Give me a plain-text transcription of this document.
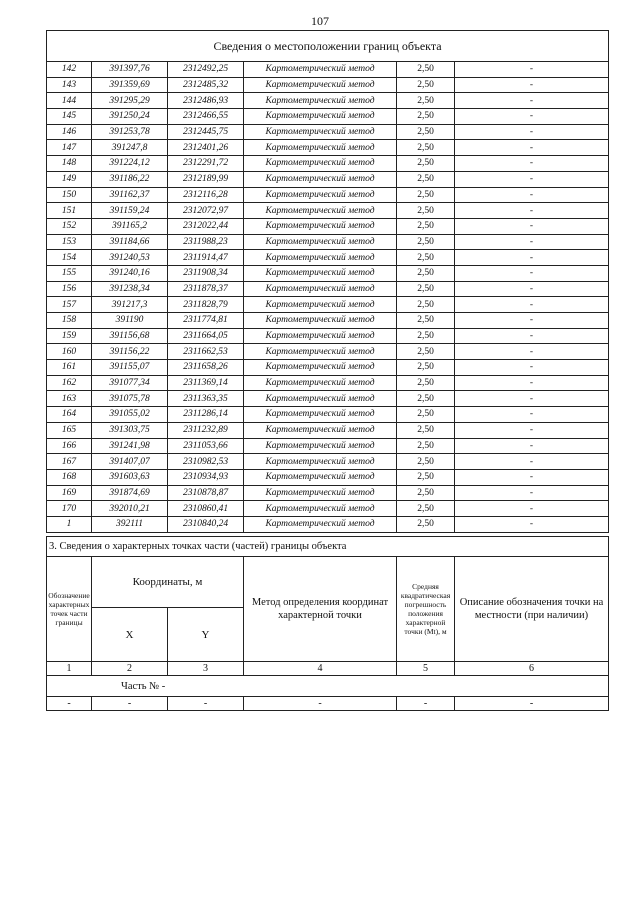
107
Сведения о местоположении границ объекта					
142	391397,76	2312492,25	Картометрический метод	2,50	-
143	391359,69	2312485,32	Картометрический метод	2,50	-
144	391295,29	2312486,93	Картометрический метод	2,50	-
145	391250,24	2312466,55	Картометрический метод	2,50	-
146	391253,78	2312445,75	Картометрический метод	2,50	-
147	391247,8	2312401,26	Картометрический метод	2,50	-
148	391224,12	2312291,72	Картометрический метод	2,50	-
149	391186,22	2312189,99	Картометрический метод	2,50	-
150	391162,37	2312116,28	Картометрический метод	2,50	-
151	391159,24	2312072,97	Картометрический метод	2,50	-
152	391165,2	2312022,44	Картометрический метод	2,50	-
153	391184,66	2311988,23	Картометрический метод	2,50	-
154	391240,53	2311914,47	Картометрический метод	2,50	-
155	391240,16	2311908,34	Картометрический метод	2,50	-
156	391238,34	2311878,37	Картометрический метод	2,50	-
157	391217,3	2311828,79	Картометрический метод	2,50	-
158	391190	2311774,81	Картометрический метод	2,50	-
159	391156,68	2311664,05	Картометрический метод	2,50	-
160	391156,22	2311662,53	Картометрический метод	2,50	-
161	391155,07	2311658,26	Картометрический метод	2,50	-
162	391077,34	2311369,14	Картометрический метод	2,50	-
163	391075,78	2311363,35	Картометрический метод	2,50	-
164	391055,02	2311286,14	Картометрический метод	2,50	-
165	391303,75	2311232,89	Картометрический метод	2,50	-
166	391241,98	2311053,66	Картометрический метод	2,50	-
167	391407,07	2310982,53	Картометрический метод	2,50	-
168	391603,63	2310934,93	Картометрический метод	2,50	-
169	391874,69	2310878,87	Картометрический метод	2,50	-
170	392010,21	2310860,41	Картометрический метод	2,50	-
1	392111	2310840,24	Картометрический метод	2,50	-
3. Сведения о характерных точках части (частей) границы объекта					
Обозначение характерных точек части границы	Координаты, м		Метод определения координат характерной точки	Средняя квадратическая погрешность положения характерной точки (Мt), м	Описание обозначения точки на местности (при наличии)
	X	Y			
1	2	3	4	5	6
Часть № -					
-	-	-	-	-	-
